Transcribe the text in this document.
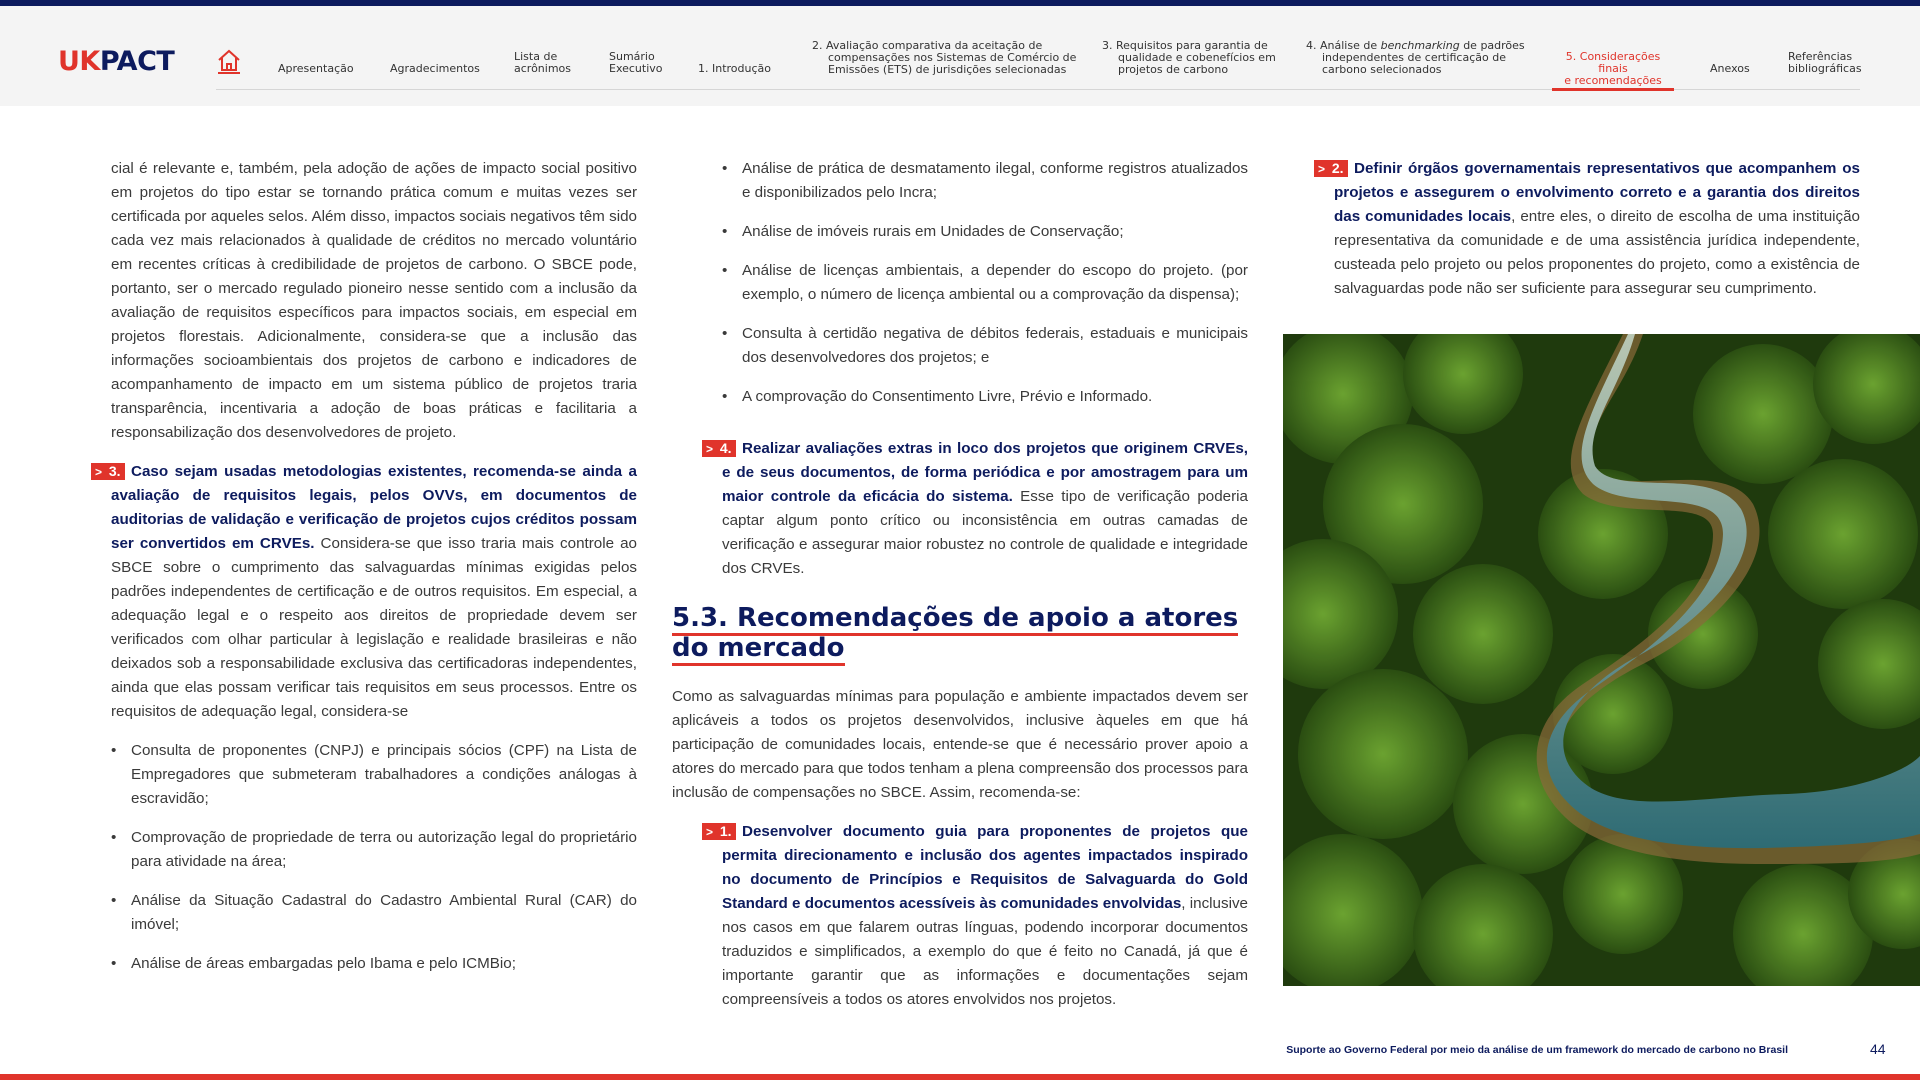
UKPACT	Apresentação	Agradecimentos
Lista de
acrônimos
Sumário
Executivo	1. Introdução
2. Avaliação comparativa da aceitação de
compensações nos Sistemas de Comércio de
Emissões (ETS) de jurisdições selecionadas
3. Requisitos para garantia de
qualidade e cobenefícios em
projetos de carbono
4. Análise de benchmarking de padrões
independentes de certificação de
carbono selecionados
5. Considerações finais
e recomendações
Anexos
Referências
bibliográficas

cial é relevante e, também, pela adoção de ações de impacto social positivo em projetos do tipo estar se tornando prática comum e muitas vezes ser certificada por aqueles selos. Além disso, impactos sociais negativos têm sido cada vez mais relacionados à qualidade de créditos no mercado voluntário em recentes críticas à credibilidade de projetos de carbono. O SBCE pode, portanto, ser o mercado regulado pioneiro nesse sentido com a inclusão da avaliação de requisitos específicos para impactos sociais, em especial em projetos florestais. Adicionalmente, considera-se que a inclusão das informações socioambientais dos projetos de carbono e indicadores de acompanhamento de impacto em um sistema público de projetos traria transparência, incentivaria a adoção de boas práticas e facilitaria a responsabilização dos desenvolvedores de projeto.

> 3. Caso sejam usadas metodologias existentes, recomenda-se ainda a avaliação de requisitos legais, pelos OVVs, em documentos de auditorias de validação e verificação de projetos cujos créditos possam ser convertidos em CRVEs. Considera-se que isso traria mais controle ao SBCE sobre o cumprimento das salvaguardas mínimas exigidas pelos padrões independentes de certificação e de outros requisitos. Em especial, a adequação legal e o respeito aos direitos de propriedade devem ser verificados com olhar particular à legislação e realidade brasileiras e não deixados sob a responsabilidade exclusiva das certificadoras independentes, ainda que elas possam verificar tais requisitos em seus processos. Entre os requisitos de adequação legal, considera-se
• Consulta de proponentes (CNPJ) e principais sócios (CPF) na Lista de Empregadores que submeteram trabalhadores a condições análogas à escravidão;
• Comprovação de propriedade de terra ou autorização legal do proprietário para atividade na área;
• Análise da Situação Cadastral do Cadastro Ambiental Rural (CAR) do imóvel;
• Análise de áreas embargadas pelo Ibama e pelo ICMBio;
• Análise de prática de desmatamento ilegal, conforme registros atualizados e disponibilizados pelo Incra;
• Análise de imóveis rurais em Unidades de Conservação;
• Análise de licenças ambientais, a depender do escopo do projeto. (por exemplo, o número de licença ambiental ou a comprovação da dispensa);
• Consulta à certidão negativa de débitos federais, estaduais e municipais dos desenvolvedores dos projetos; e
• A comprovação do Consentimento Livre, Prévio e Informado.
> 4. Realizar avaliações extras in loco dos projetos que originem CRVEs, e de seus documentos, de forma periódica e por amostragem para um maior controle da eficácia do sistema. Esse tipo de verificação poderia captar algum ponto crítico ou inconsistência em outras camadas de verificação e assegurar maior robustez no controle de qualidade e integridade dos CRVEs.
5.3. Recomendações de apoio a atores
do mercado

Como as salvaguardas mínimas para população e ambiente impactados devem ser aplicáveis a todos os projetos desenvolvidos, inclusive àqueles em que há participação de comunidades locais, entende-se que é necessário prover apoio a atores do mercado para que todos tenham a plena compreensão dos processos para inclusão de compensações no SBCE. Assim, recomenda-se:

> 1. Desenvolver documento guia para proponentes de projetos que permita direcionamento e inclusão dos agentes impactados inspirado no documento de Princípios e Requisitos de Salvaguarda do Gold Standard e documentos acessíveis às comunidades envolvidas, inclusive nos casos em que falarem outras línguas, podendo incorporar documentos traduzidos e simplificados, a exemplo do que é feito no Canadá, já que é importante garantir que as informações e documentações sejam compreensíveis a todos os atores envolvidos nos projetos.
> 2. Definir órgãos governamentais representativos que acompanhem os projetos e assegurem o envolvimento correto e a garantia dos direitos das comunidades locais, entre eles, o direito de escolha de uma instituição representativa da comunidade e de uma assistência jurídica independente, custeada pelo projeto ou pelos proponentes do projeto, como a existência de salvaguardas pode não ser suficiente para assegurar seu cumprimento.
Suporte ao Governo Federal por meio da análise de um framework do mercado de carbono no Brasil	44
